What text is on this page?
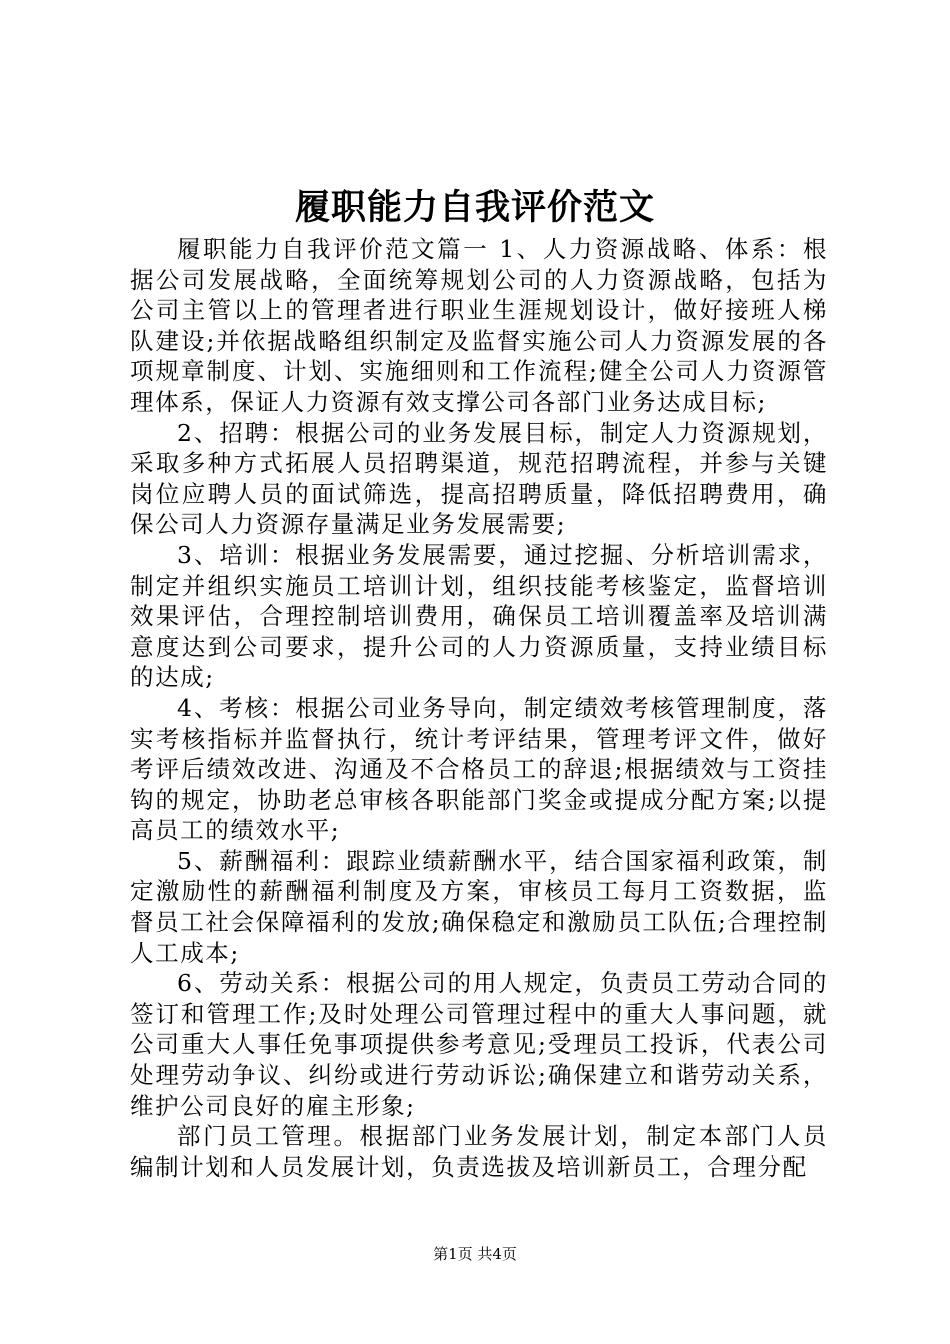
履职能力自我评价范文

履职能力自我评价范文篇一 1、人力资源战略、体系：根据公司发展战略，全面统筹规划公司的人力资源战略，包括为公司主管以上的管理者进行职业生涯规划设计，做好接班人梯队建设;并依据战略组织制定及监督实施公司人力资源发展的各项规章制度、计划、实施细则和工作流程;健全公司人力资源管理体系，保证人力资源有效支撑公司各部门业务达成目标;

2、招聘：根据公司的业务发展目标，制定人力资源规划，采取多种方式拓展人员招聘渠道，规范招聘流程，并参与关键岗位应聘人员的面试筛选，提高招聘质量，降低招聘费用，确保公司人力资源存量满足业务发展需要;

3、培训：根据业务发展需要，通过挖掘、分析培训需求，制定并组织实施员工培训计划，组织技能考核鉴定，监督培训效果评估，合理控制培训费用，确保员工培训覆盖率及培训满意度达到公司要求，提升公司的人力资源质量，支持业绩目标的达成;

4、考核：根据公司业务导向，制定绩效考核管理制度，落实考核指标并监督执行，统计考评结果，管理考评文件，做好考评后绩效改进、沟通及不合格员工的辞退;根据绩效与工资挂钩的规定，协助老总审核各职能部门奖金或提成分配方案;以提高员工的绩效水平;

5、薪酬福利：跟踪业绩薪酬水平，结合国家福利政策，制定激励性的薪酬福利制度及方案，审核员工每月工资数据，监督员工社会保障福利的发放;确保稳定和激励员工队伍;合理控制人工成本;

6、劳动关系：根据公司的用人规定，负责员工劳动合同的签订和管理工作;及时处理公司管理过程中的重大人事问题，就公司重大人事任免事项提供参考意见;受理员工投诉，代表公司处理劳动争议、纠纷或进行劳动诉讼;确保建立和谐劳动关系，维护公司良好的雇主形象;

部门员工管理。根据部门业务发展计划，制定本部门人员编制计划和人员发展计划，负责选拔及培训新员工，合理分配

第1页 共4页
